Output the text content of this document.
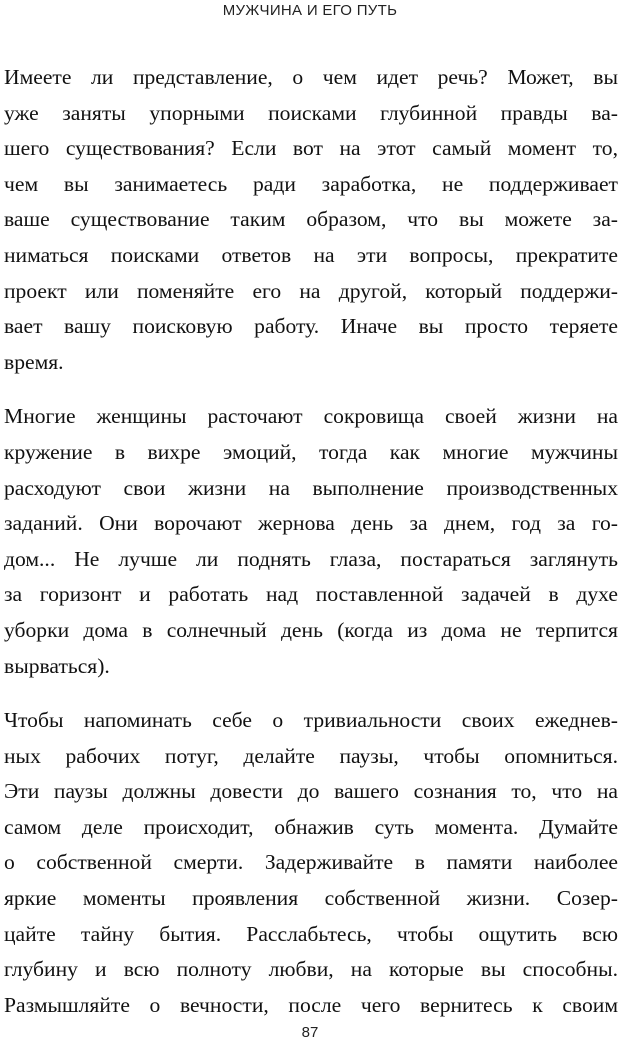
МУЖЧИНА И ЕГО ПУТЬ
Имеете ли представление, о чем идет речь? Может, вы
уже заняты упорными поисками глубинной правды ва-
шего существования? Если вот на этот самый момент то,
чем вы занимаетесь ради заработка, не поддерживает
ваше существование таким образом, что вы можете за-
ниматься поисками ответов на эти вопросы, прекратите
проект или поменяйте его на другой, который поддержи-
вает вашу поисковую работу. Иначе вы просто теряете
время.
Многие женщины расточают сокровища своей жизни на
кружение в вихре эмоций, тогда как многие мужчины
расходуют свои жизни на выполнение производственных
заданий. Они ворочают жернова день за днем, год за го-
дом... Не лучше ли поднять глаза, постараться заглянуть
за горизонт и работать над поставленной задачей в духе
уборки дома в солнечный день (когда из дома не терпится
вырваться).
Чтобы напоминать себе о тривиальности своих ежеднев-
ных рабочих потуг, делайте паузы, чтобы опомниться.
Эти паузы должны довести до вашего сознания то, что на
самом деле происходит, обнажив суть момента. Думайте
о собственной смерти. Задерживайте в памяти наиболее
яркие моменты проявления собственной жизни. Созер-
цайте тайну бытия. Расслабьтесь, чтобы ощутить всю
глубину и всю полноту любви, на которые вы способны.
Размышляйте о вечности, после чего вернитесь к своим
87
